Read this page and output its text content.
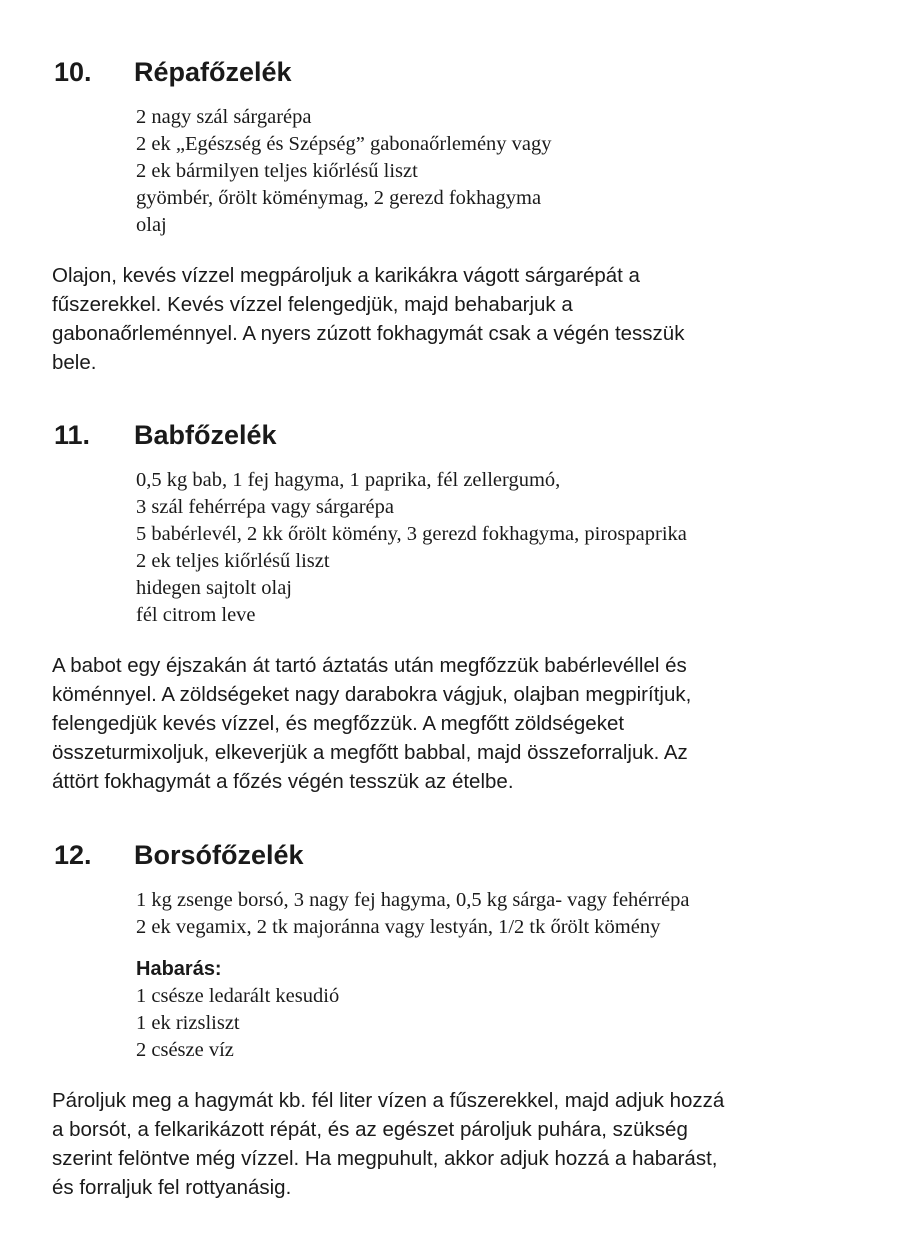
10. Répafőzelék
2 nagy szál sárgarépa
2 ek „Egészség és Szépség” gabonaőrlemény vagy
2 ek bármilyen teljes kiőrlésű liszt
gyömbér, őrölt köménymag, 2 gerezd fokhagyma
olaj
Olajon, kevés vízzel megpároljuk a karikákra vágott sárgarépát a
fűszerekkel. Kevés vízzel felengedjük, majd behabarjuk a
gabonaőrleménnyel. A nyers zúzott fokhagymát csak a végén tesszük
bele.
11. Babfőzelék
0,5 kg bab, 1 fej hagyma, 1 paprika, fél zellergumó,
3 szál fehérrépa vagy sárgarépa
5 babérlevél, 2 kk őrölt kömény, 3 gerezd fokhagyma, pirospaprika
2 ek teljes kiőrlésű liszt
hidegen sajtolt olaj
fél citrom leve
A babot egy éjszakán át tartó áztatás után megfőzzük babérlevéllel és
köménnyel. A zöldségeket nagy darabokra vágjuk, olajban megpirítjuk,
felengedjük kevés vízzel, és megfőzzük. A megfőtt zöldségeket
összeturmixoljuk, elkeverjük a megfőtt babbal, majd összeforraljuk. Az
áttört fokhagymát a főzés végén tesszük az ételbe.
12. Borsófőzelék
1 kg zsenge borsó, 3 nagy fej hagyma, 0,5 kg sárga- vagy fehérrépa
2 ek vegamix, 2 tk majoránna vagy lestyán, 1/2 tk őrölt kömény
Habarás:
1 csésze ledarált kesudió
1 ek rizsliszt
2 csésze víz
Pároljuk meg a hagymát kb. fél liter vízen a fűszerekkel, majd adjuk hozzá
a borsót, a felkarikázott répát, és az egészet pároljuk puhára, szükség
szerint felöntve még vízzel. Ha megpuhult, akkor adjuk hozzá a habarást,
és forraljuk fel rottyanásig.
